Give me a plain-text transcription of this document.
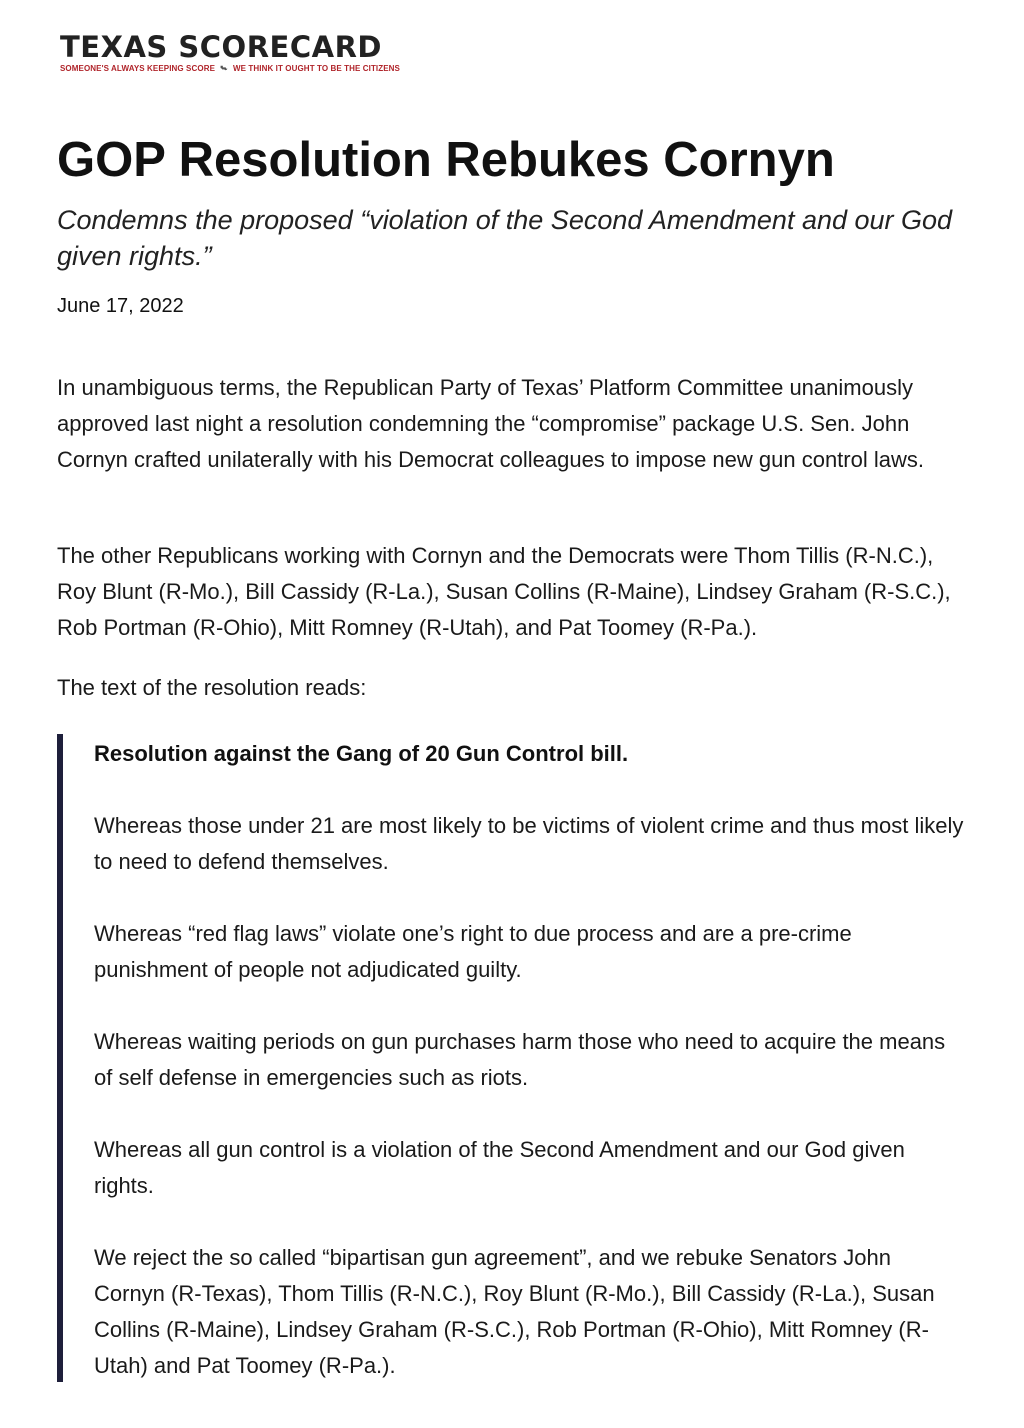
TEXAS SCORECARD
SOMEONE'S ALWAYS KEEPING SCORE WE THINK IT OUGHT TO BE THE CITIZENS
GOP Resolution Rebukes Cornyn

Condemns the proposed “violation of the Second Amendment and our God given rights.”

June 17, 2022

In unambiguous terms, the Republican Party of Texas’ Platform Committee unanimously approved last night a resolution condemning the “compromise” package U.S. Sen. John Cornyn crafted unilaterally with his Democrat colleagues to impose new gun control laws.

The other Republicans working with Cornyn and the Democrats were Thom Tillis (R-N.C.), Roy Blunt (R-Mo.), Bill Cassidy (R-La.), Susan Collins (R-Maine), Lindsey Graham (R-S.C.), Rob Portman (R-Ohio), Mitt Romney (R-Utah), and Pat Toomey (R-Pa.).

The text of the resolution reads:

Resolution against the Gang of 20 Gun Control bill.

Whereas those under 21 are most likely to be victims of violent crime and thus most likely to need to defend themselves.

Whereas “red flag laws” violate one’s right to due process and are a pre-crime punishment of people not adjudicated guilty.

Whereas waiting periods on gun purchases harm those who need to acquire the means of self defense in emergencies such as riots.

Whereas all gun control is a violation of the Second Amendment and our God given rights.

We reject the so called “bipartisan gun agreement”, and we rebuke Senators John Cornyn (R-Texas), Thom Tillis (R-N.C.), Roy Blunt (R-Mo.), Bill Cassidy (R-La.), Susan Collins (R-Maine), Lindsey Graham (R-S.C.), Rob Portman (R-Ohio), Mitt Romney (R-Utah) and Pat Toomey (R-Pa.).
